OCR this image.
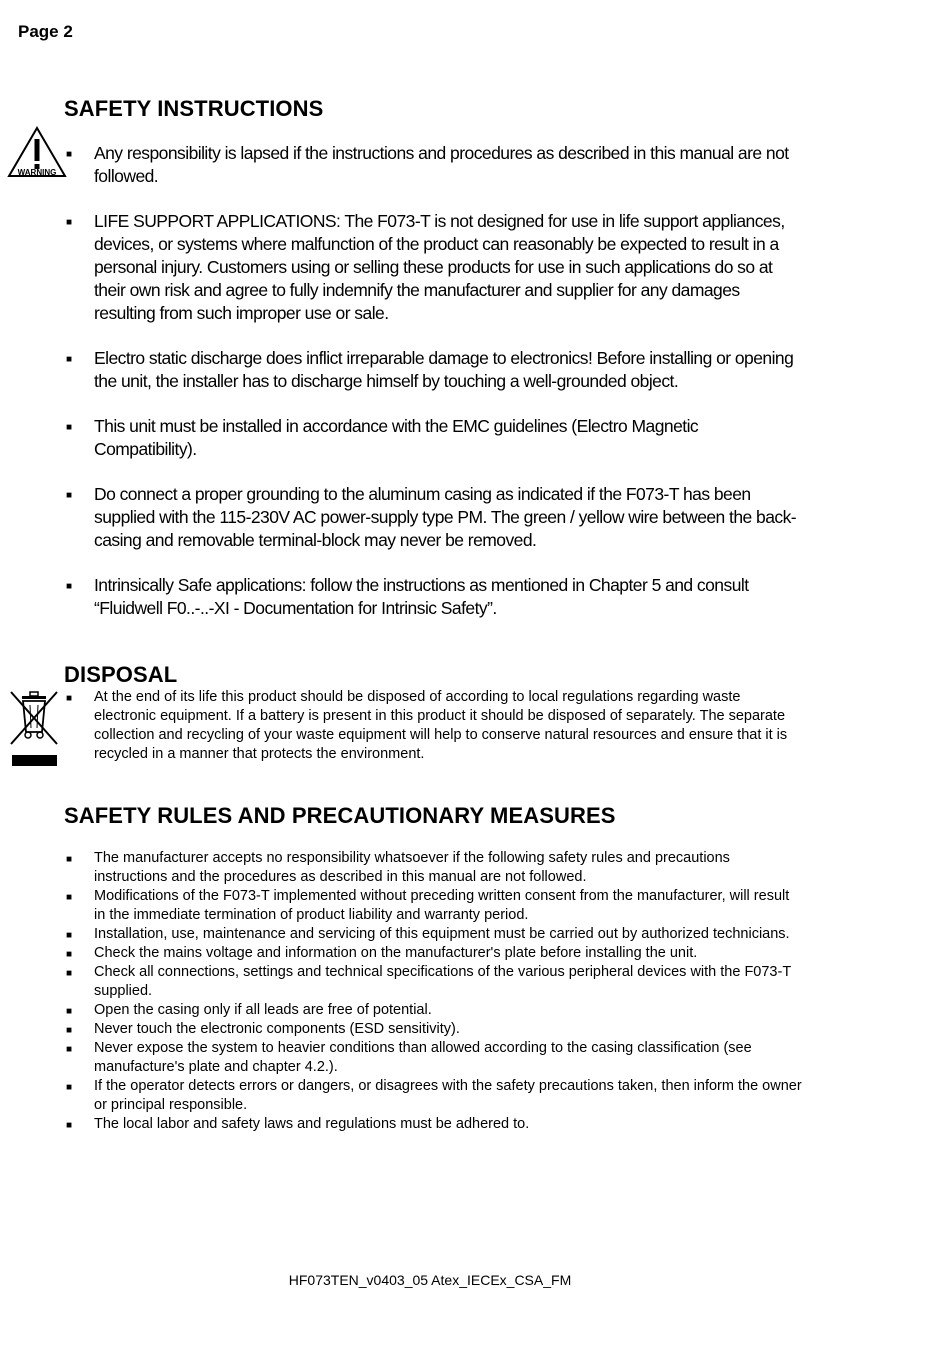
Page 2
WARNING
SAFETY INSTRUCTIONS
■ Any responsibility is lapsed if the instructions and procedures as described in this manual are not followed.
■ LIFE SUPPORT APPLICATIONS: The F073-T is not designed for use in life support appliances, devices, or systems where malfunction of the product can reasonably be expected to result in a personal injury. Customers using or selling these products for use in such applications do so at their own risk and agree to fully indemnify the manufacturer and supplier for any damages resulting from such improper use or sale.
■ Electro static discharge does inflict irreparable damage to electronics! Before installing or opening the unit, the installer has to discharge himself by touching a well-grounded object.
■ This unit must be installed in accordance with the EMC guidelines (Electro Magnetic Compatibility).
■ Do connect a proper grounding to the aluminum casing as indicated if the F073-T has been supplied with the 115-230V AC power-supply type PM. The green / yellow wire between the back-casing and removable terminal-block may never be removed.
■ Intrinsically Safe applications: follow the instructions as mentioned in Chapter 5 and consult “Fluidwell F0..-..-XI - Documentation for Intrinsic Safety”.
DISPOSAL
■ At the end of its life this product should be disposed of according to local regulations regarding waste electronic equipment. If a battery is present in this product it should be disposed of separately. The separate collection and recycling of your waste equipment will help to conserve natural resources and ensure that it is recycled in a manner that protects the environment.
SAFETY RULES AND PRECAUTIONARY MEASURES
■ The manufacturer accepts no responsibility whatsoever if the following safety rules and precautions instructions and the procedures as described in this manual are not followed.
■ Modifications of the F073-T implemented without preceding written consent from the manufacturer, will result in the immediate termination of product liability and warranty period.
■ Installation, use, maintenance and servicing of this equipment must be carried out by authorized technicians.
■ Check the mains voltage and information on the manufacturer's plate before installing the unit.
■ Check all connections, settings and technical specifications of the various peripheral devices with the F073-T supplied.
■ Open the casing only if all leads are free of potential.
■ Never touch the electronic components (ESD sensitivity).
■ Never expose the system to heavier conditions than allowed according to the casing classification (see manufacture's plate and chapter 4.2.).
■ If the operator detects errors or dangers, or disagrees with the safety precautions taken, then inform the owner or principal responsible.
■ The local labor and safety laws and regulations must be adhered to.
HF073TEN_v0403_05 Atex_IECEx_CSA_FM
